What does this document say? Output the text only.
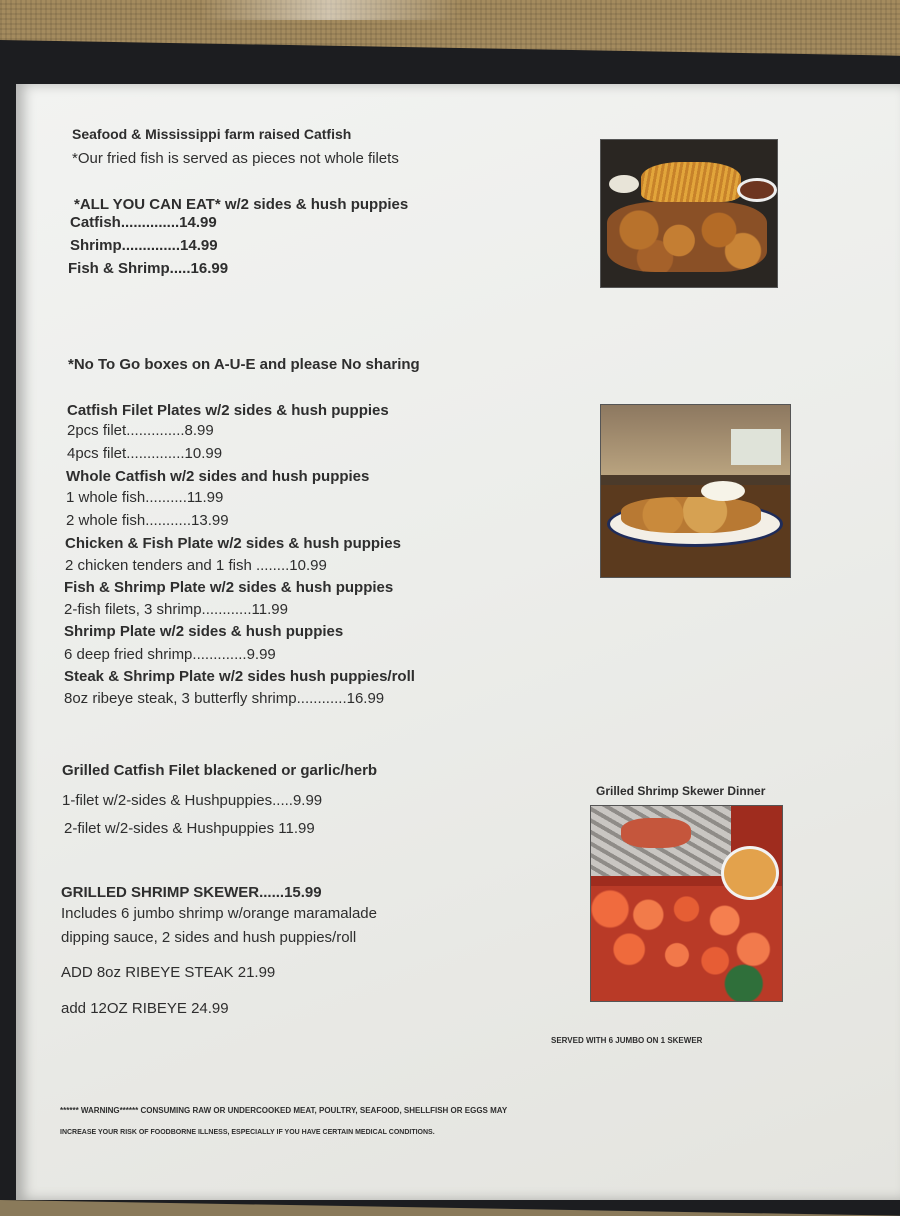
Seafood & Mississippi farm raised Catfish
*Our fried fish is served as pieces not whole filets
*ALL YOU CAN EAT* w/2 sides & hush puppies
Catfish..............14.99
Shrimp..............14.99
Fish & Shrimp.....16.99
*No To Go boxes on A-U-E and please No sharing
Catfish Filet Plates w/2 sides & hush puppies
2pcs filet..............8.99
4pcs filet..............10.99
Whole Catfish w/2 sides and hush puppies
1 whole fish..........11.99
2 whole fish...........13.99
Chicken & Fish Plate w/2 sides & hush puppies
2 chicken tenders and 1 fish ........10.99
Fish & Shrimp Plate w/2 sides & hush puppies
2-fish filets, 3 shrimp............11.99
Shrimp Plate w/2 sides & hush puppies
6 deep fried shrimp.............9.99
Steak & Shrimp Plate w/2 sides hush puppies/roll
8oz ribeye steak, 3 butterfly shrimp............16.99
Grilled Catfish Filet blackened or garlic/herb
1-filet w/2-sides & Hushpuppies.....9.99
2-filet w/2-sides & Hushpuppies 11.99
GRILLED SHRIMP SKEWER......15.99
Includes 6 jumbo shrimp w/orange maramalade
dipping sauce, 2 sides and hush puppies/roll
ADD 8oz RIBEYE STEAK 21.99
add 12OZ RIBEYE 24.99
Grilled Shrimp Skewer Dinner
SERVED WITH 6 JUMBO ON 1 SKEWER
****** WARNING****** CONSUMING RAW OR UNDERCOOKED MEAT, POULTRY, SEAFOOD, SHELLFISH OR EGGS MAY
INCREASE YOUR RISK OF FOODBORNE ILLNESS, ESPECIALLY IF YOU HAVE CERTAIN MEDICAL CONDITIONS.
